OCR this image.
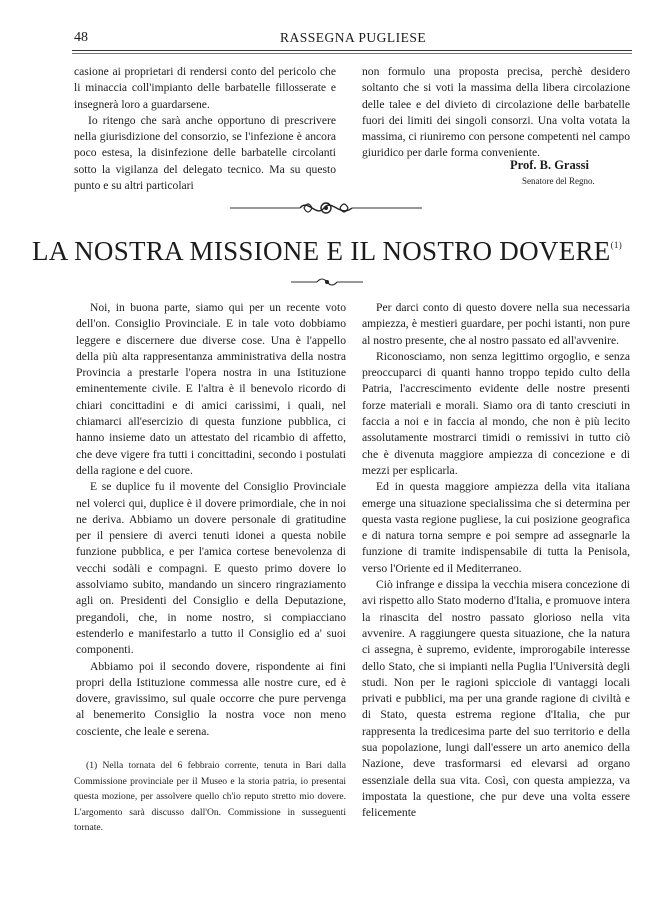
48	RASSEGNA PUGLIESE

casione ai proprietari di rendersi conto del pericolo che li minaccia coll'impianto delle barbatelle fillosserate e insegnerà loro a guardarsene.

Io ritengo che sarà anche opportuno di prescrivere nella giurisdizione del consorzio, se l'infezione è ancora poco estesa, la disinfezione delle barbatelle circolanti sotto la vigilanza del delegato tecnico. Ma su questo punto e su altri particolari

non formulo una proposta precisa, perchè desidero soltanto che si voti la massima della libera circolazione delle talee e del divieto di circolazione delle barbatelle fuori dei limiti dei singoli consorzi. Una volta votata la massima, ci riuniremo con persone competenti nel campo giuridico per darle forma conveniente.

Prof. B. Grassi
Senatore del Regno.
LA NOSTRA MISSIONE E IL NOSTRO DOVERE$^{(1)}$

Noi, in buona parte, siamo qui per un recente voto dell'on. Consiglio Provinciale. E in tale voto dobbiamo leggere e discernere due diverse cose. Una è l'appello della più alta rappresentanza amministrativa della nostra Provincia a prestarle l'opera nostra in una Istituzione eminentemente civile. E l'altra è il benevolo ricordo di chiari concittadini e di amici carissimi, i quali, nel chiamarci all'esercizio di questa funzione pubblica, ci hanno insieme dato un attestato del ricambio di affetto, che deve vigere fra tutti i concittadini, secondo i postulati della ragione e del cuore.

E se duplice fu il movente del Consiglio Provinciale nel volerci qui, duplice è il dovere primordiale, che in noi ne deriva. Abbiamo un dovere personale di gratitudine per il pensiere di averci tenuti idonei a questa nobile funzione pubblica, e per l'amica cortese benevolenza di vecchi sodàli e compagni. E questo primo dovere lo assolviamo subito, mandando un sincero ringraziamento agli on. Presidenti del Consiglio e della Deputazione, pregandoli, che, in nome nostro, si compiacciano estenderlo e manifestarlo a tutto il Consiglio ed a' suoi componenti.

Abbiamo poi il secondo dovere, rispondente ai fini propri della Istituzione commessa alle nostre cure, ed è dovere, gravissimo, sul quale occorre che pure pervenga al benemerito Consiglio la nostra voce non meno cosciente, che leale e serena.

(1) Nella tornata del 6 febbraio corrente, tenuta in Bari dalla Commissione provinciale per il Museo e la storia patria, io presentai questa mozione, per assolvere quello ch'io reputo stretto mio dovere. L'argomento sarà discusso dall'On. Commissione in susseguenti tornate.

Per darci conto di questo dovere nella sua necessaria ampiezza, è mestieri guardare, per pochi istanti, non pure al nostro presente, che al nostro passato ed all'avvenire.

Riconosciamo, non senza legittimo orgoglio, e senza preoccuparci di quanti hanno troppo tepido culto della Patria, l'accrescimento evidente delle nostre presenti forze materiali e morali. Siamo ora di tanto cresciuti in faccia a noi e in faccia al mondo, che non è più lecito assolutamente mostrarci timidi o remissivi in tutto ciò che è divenuta maggiore ampiezza di concezione e di mezzi per esplicarla.

Ed in questa maggiore ampiezza della vita italiana emerge una situazione specialissima che si determina per questa vasta regione pugliese, la cui posizione geografica e di natura torna sempre e poi sempre ad assegnarle la funzione di tramite indispensabile di tutta la Penisola, verso l'Oriente ed il Mediterraneo.

Ciò infrange e dissipa la vecchia misera concezione di avi rispetto allo Stato moderno d'Italia, e promuove intera la rinascita del nostro passato glorioso nella vita avvenire. A raggiungere questa situazione, che la natura ci assegna, è supremo, evidente, improrogabile interesse dello Stato, che si impianti nella Puglia l'Università degli studi. Non per le ragioni spicciole di vantaggi locali privati e pubblici, ma per una grande ragione di civiltà e di Stato, questa estrema regione d'Italia, che pur rappresenta la tredicesima parte del suo territorio e della sua popolazione, lungi dall'essere un arto anemico della Nazione, deve trasformarsi ed elevarsi ad organo essenziale della sua vita. Così, con questa ampiezza, va impostata la questione, che pur deve una volta essere felicemente
